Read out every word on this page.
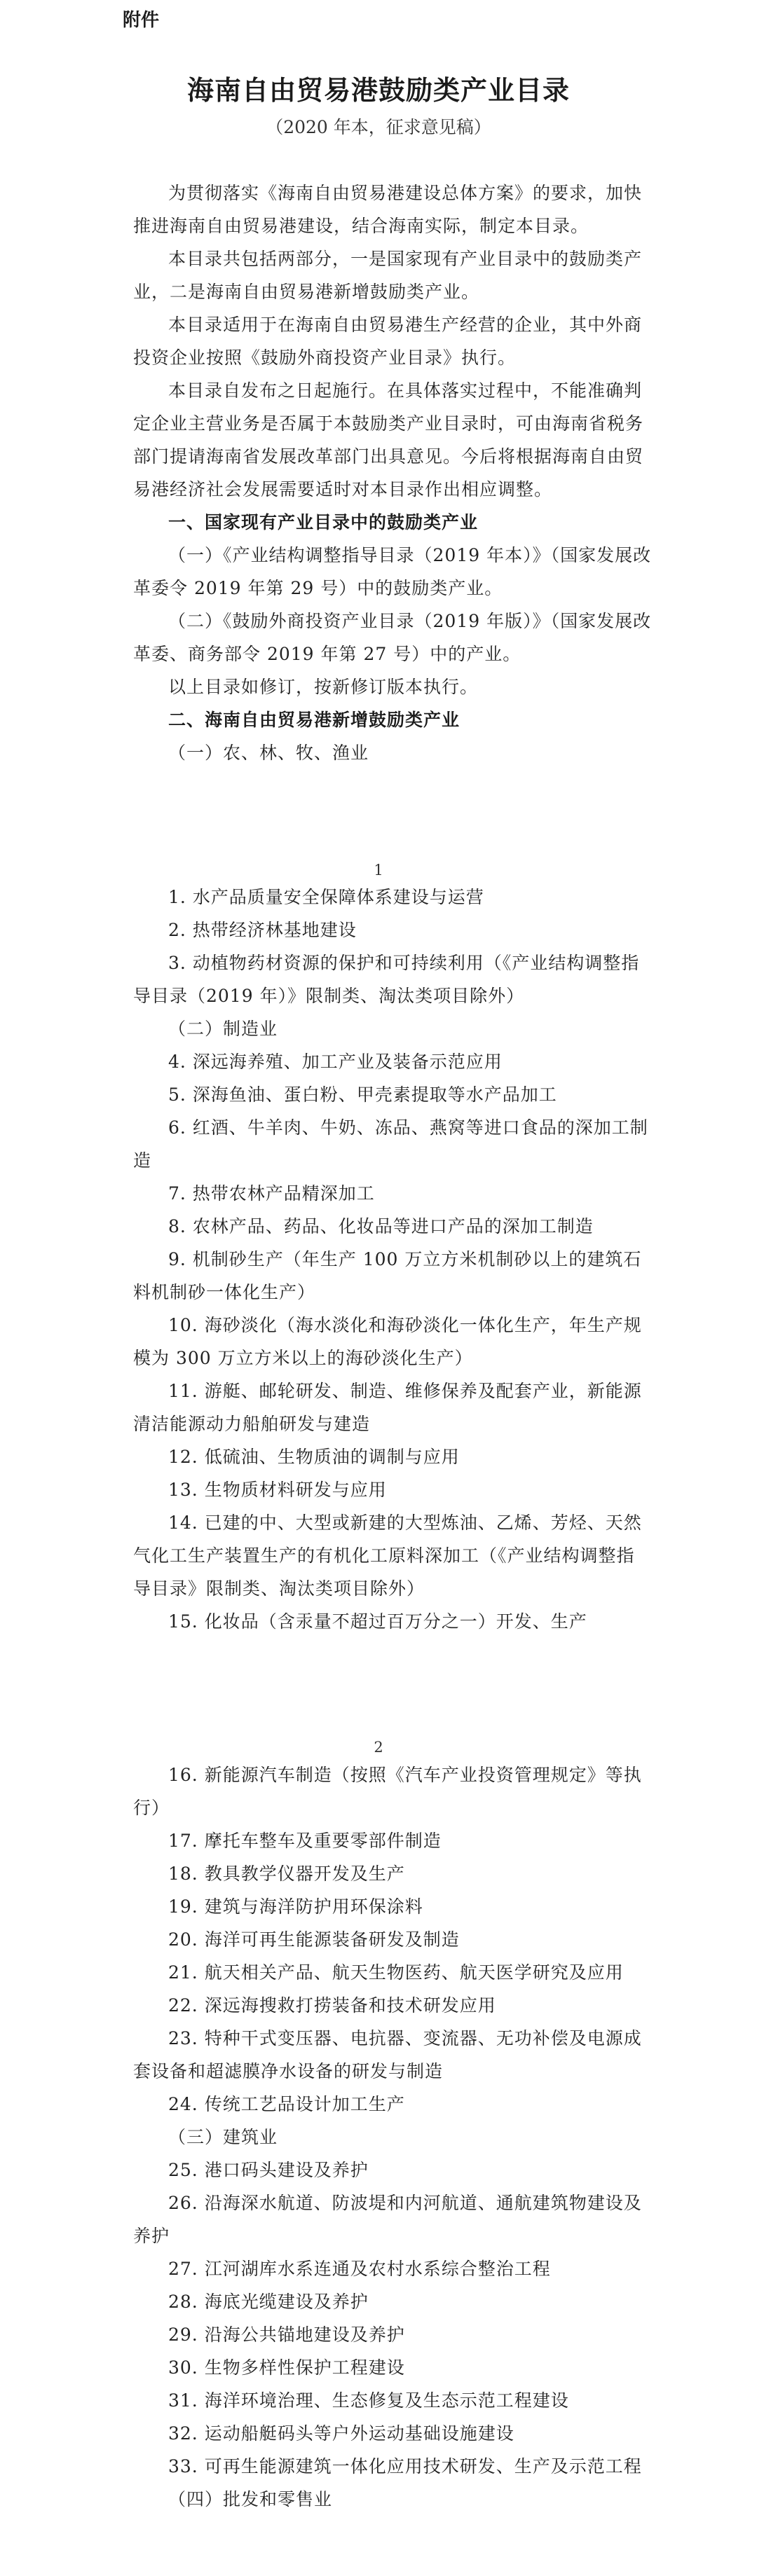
附件
海南自由贸易港鼓励类产业目录
（2020 年本，征求意见稿）

为贯彻落实《海南自由贸易港建设总体方案》的要求，加快推进海南自由贸易港建设，结合海南实际，制定本目录。

本目录共包括两部分，一是国家现有产业目录中的鼓励类产业，二是海南自由贸易港新增鼓励类产业。

本目录适用于在海南自由贸易港生产经营的企业，其中外商投资企业按照《鼓励外商投资产业目录》执行。

本目录自发布之日起施行。在具体落实过程中，不能准确判定企业主营业务是否属于本鼓励类产业目录时，可由海南省税务部门提请海南省发展改革部门出具意见。今后将根据海南自由贸易港经济社会发展需要适时对本目录作出相应调整。

一、国家现有产业目录中的鼓励类产业

（一）《产业结构调整指导目录（2019 年本）》（国家发展改革委令 2019 年第 29 号）中的鼓励类产业。

（二）《鼓励外商投资产业目录（2019 年版）》（国家发展改革委、商务部令 2019 年第 27 号）中的产业。

以上目录如修订，按新修订版本执行。

二、海南自由贸易港新增鼓励类产业

（一）农、林、牧、渔业

1

1. 水产品质量安全保障体系建设与运营

2. 热带经济林基地建设

3. 动植物药材资源的保护和可持续利用（《产业结构调整指导目录（2019 年）》限制类、淘汰类项目除外）

（二）制造业

4. 深远海养殖、加工产业及装备示范应用

5. 深海鱼油、蛋白粉、甲壳素提取等水产品加工

6. 红酒、牛羊肉、牛奶、冻品、燕窝等进口食品的深加工制造

7. 热带农林产品精深加工

8. 农林产品、药品、化妆品等进口产品的深加工制造

9. 机制砂生产（年生产 100 万立方米机制砂以上的建筑石料机制砂一体化生产）

10. 海砂淡化（海水淡化和海砂淡化一体化生产，年生产规模为 300 万立方米以上的海砂淡化生产）

11. 游艇、邮轮研发、制造、维修保养及配套产业，新能源清洁能源动力船舶研发与建造

12. 低硫油、生物质油的调制与应用

13. 生物质材料研发与应用

14. 已建的中、大型或新建的大型炼油、乙烯、芳烃、天然气化工生产装置生产的有机化工原料深加工（《产业结构调整指导目录》限制类、淘汰类项目除外）

15. 化妆品（含汞量不超过百万分之一）开发、生产

2

16. 新能源汽车制造（按照《汽车产业投资管理规定》等执行）

17. 摩托车整车及重要零部件制造

18. 教具教学仪器开发及生产

19. 建筑与海洋防护用环保涂料

20. 海洋可再生能源装备研发及制造

21. 航天相关产品、航天生物医药、航天医学研究及应用

22. 深远海搜救打捞装备和技术研发应用

23. 特种干式变压器、电抗器、变流器、无功补偿及电源成套设备和超滤膜净水设备的研发与制造

24. 传统工艺品设计加工生产

（三）建筑业

25. 港口码头建设及养护

26. 沿海深水航道、防波堤和内河航道、通航建筑物建设及养护

27. 江河湖库水系连通及农村水系综合整治工程

28. 海底光缆建设及养护

29. 沿海公共锚地建设及养护

30. 生物多样性保护工程建设

31. 海洋环境治理、生态修复及生态示范工程建设

32. 运动船艇码头等户外运动基础设施建设

33. 可再生能源建筑一体化应用技术研发、生产及示范工程

（四）批发和零售业
